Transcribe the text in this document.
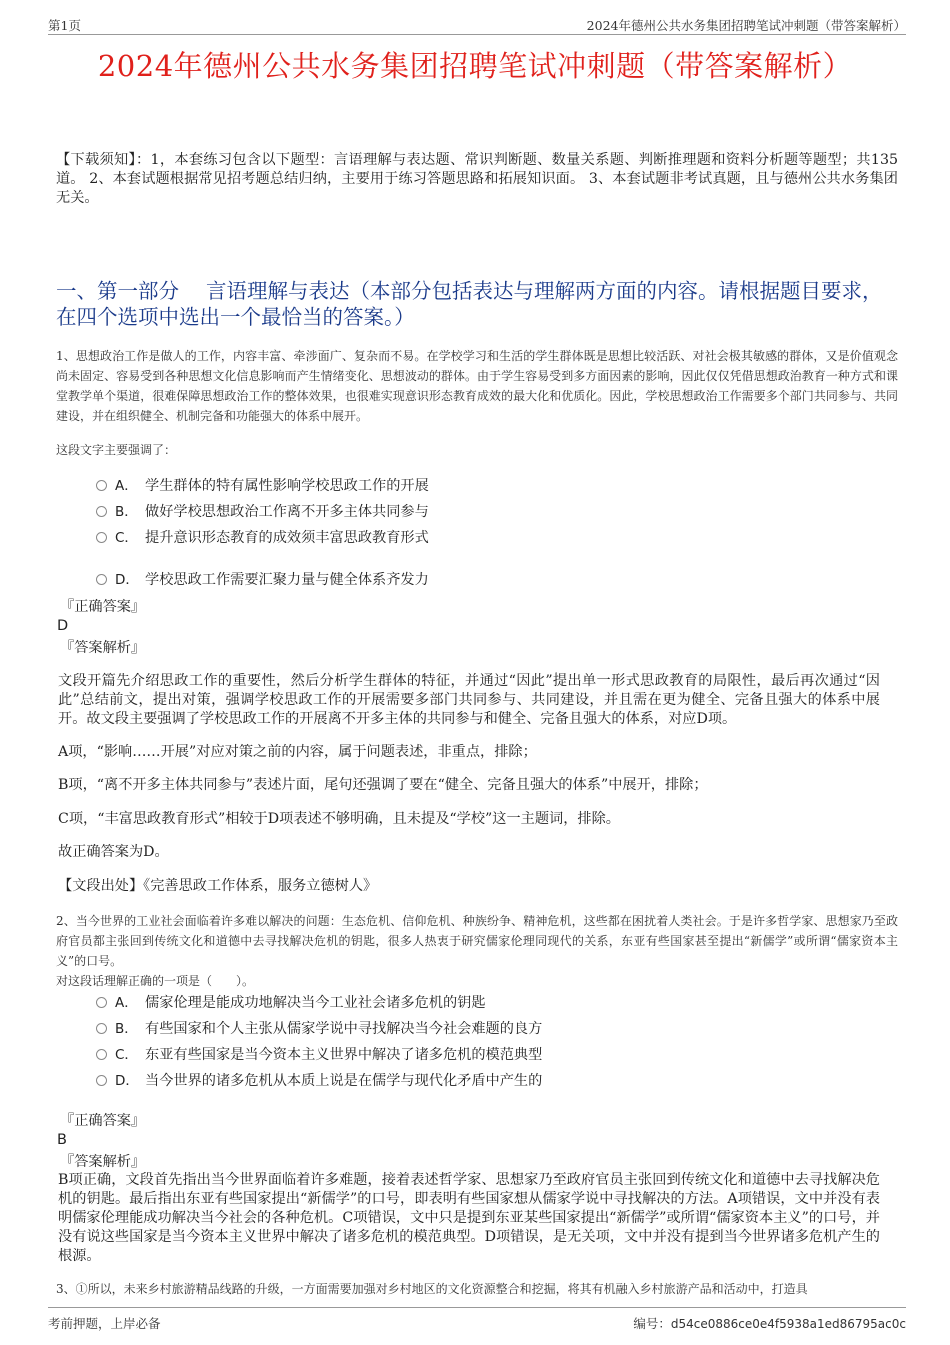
第1页	2024年德州公共水务集团招聘笔试冲刺题（带答案解析）
2024年德州公共水务集团招聘笔试冲刺题（带答案解析）
【下载须知】：1，本套练习包含以下题型：言语理解与表达题、常识判断题、数量关系题、判断推理题和资料分析题等题型；共135道。 2、本套试题根据常见招考题总结归纳，主要用于练习答题思路和拓展知识面。 3、本套试题非考试真题，且与德州公共水务集团无关。
一、第一部分　 言语理解与表达（本部分包括表达与理解两方面的内容。请根据题目要求，在四个选项中选出一个最恰当的答案。）
1、思想政治工作是做人的工作，内容丰富、牵涉面广、复杂而不易。在学校学习和生活的学生群体既是思想比较活跃、对社会极其敏感的群体，又是价值观念尚未固定、容易受到各种思想文化信息影响而产生情绪变化、思想波动的群体。由于学生容易受到多方面因素的影响，因此仅仅凭借思想政治教育一种方式和课堂教学单个渠道，很难保障思想政治工作的整体效果，也很难实现意识形态教育成效的最大化和优质化。因此，学校思想政治工作需要多个部门共同参与、共同建设，并在组织健全、机制完备和功能强大的体系中展开。
这段文字主要强调了：
A． 学生群体的特有属性影响学校思政工作的开展
B． 做好学校思想政治工作离不开多主体共同参与
C． 提升意识形态教育的成效须丰富思政教育形式
D． 学校思政工作需要汇聚力量与健全体系齐发力
『正确答案』
D
『答案解析』
文段开篇先介绍思政工作的重要性，然后分析学生群体的特征，并通过“因此”提出单一形式思政教育的局限性，最后再次通过“因此”总结前文，提出对策，强调学校思政工作的开展需要多部门共同参与、共同建设，并且需在更为健全、完备且强大的体系中展开。故文段主要强调了学校思政工作的开展离不开多主体的共同参与和健全、完备且强大的体系，对应D项。
A项，“影响……开展”对应对策之前的内容，属于问题表述，非重点，排除；
B项，“离不开多主体共同参与”表述片面，尾句还强调了要在“健全、完备且强大的体系”中展开，排除；
C项，“丰富思政教育形式”相较于D项表述不够明确，且未提及“学校”这一主题词，排除。
故正确答案为D。
【文段出处】《完善思政工作体系，服务立德树人》
2、当今世界的工业社会面临着许多难以解决的问题：生态危机、信仰危机、种族纷争、精神危机，这些都在困扰着人类社会。于是许多哲学家、思想家乃至政府官员都主张回到传统文化和道德中去寻找解决危机的钥匙，很多人热衷于研究儒家伦理同现代的关系，东亚有些国家甚至提出“新儒学”或所谓“儒家资本主义”的口号。
对这段话理解正确的一项是（　　）。
A． 儒家伦理是能成功地解决当今工业社会诸多危机的钥匙
B． 有些国家和个人主张从儒家学说中寻找解决当今社会难题的良方
C． 东亚有些国家是当今资本主义世界中解决了诸多危机的模范典型
D． 当今世界的诸多危机从本质上说是在儒学与现代化矛盾中产生的
『正确答案』
B
『答案解析』
B项正确，文段首先指出当今世界面临着许多难题，接着表述哲学家、思想家乃至政府官员主张回到传统文化和道德中去寻找解决危机的钥匙。最后指出东亚有些国家提出“新儒学”的口号，即表明有些国家想从儒家学说中寻找解决的方法。A项错误，文中并没有表明儒家伦理能成功解决当今社会的各种危机。C项错误，文中只是提到东亚某些国家提出“新儒学”或所谓“儒家资本主义”的口号，并没有说这些国家是当今资本主义世界中解决了诸多危机的模范典型。D项错误，是无关项，文中并没有提到当今世界诸多危机产生的根源。
3、①所以，未来乡村旅游精品线路的升级，一方面需要加强对乡村地区的文化资源整合和挖掘，将其有机融入乡村旅游产品和活动中，打造具
考前押题，上岸必备	编号：d54ce0886ce0e4f5938a1ed86795ac0c
